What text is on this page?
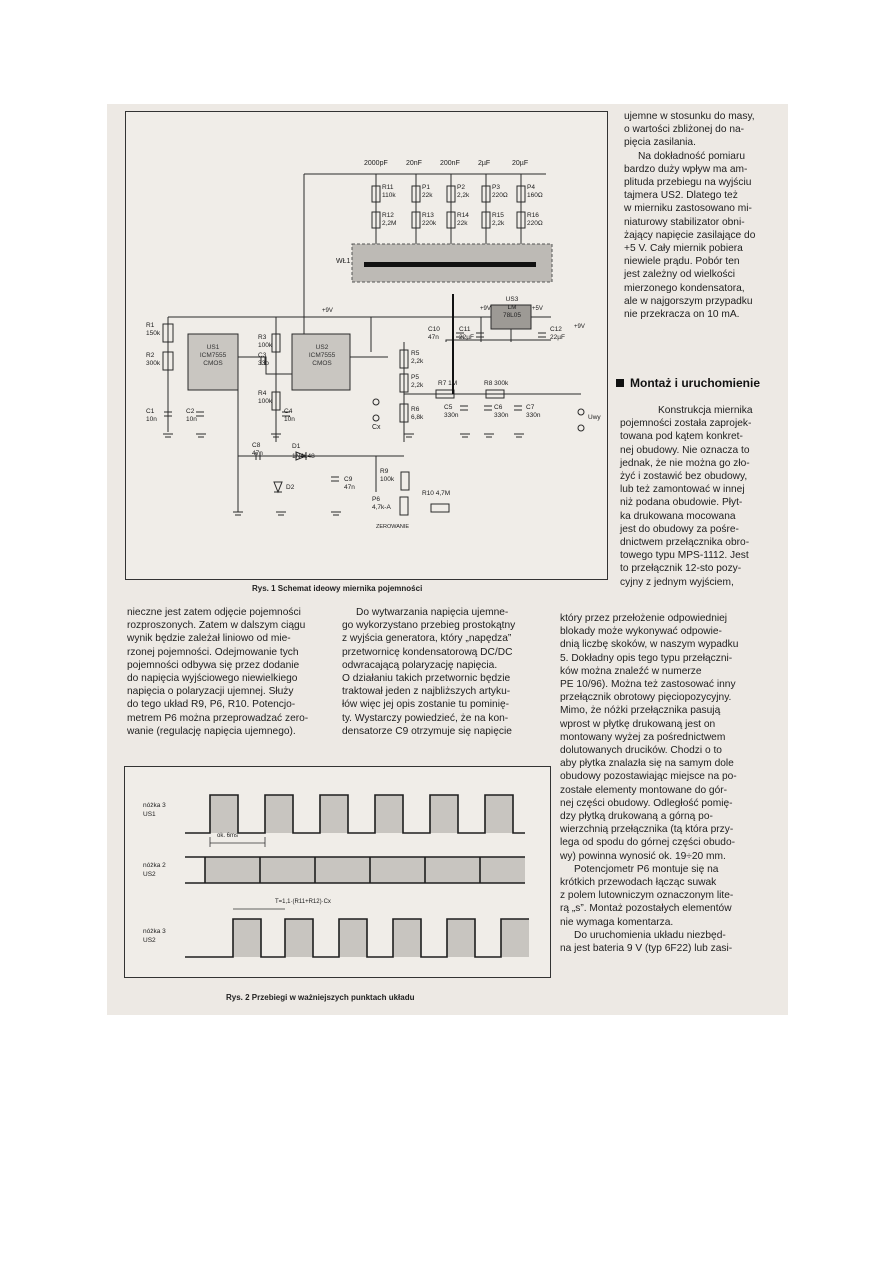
2000pF	20nF	200nF	2µF	20µF
R11
110k
P1
22k
P2
2,2k
P3
220Ω
P4
160Ω
R12
2,2M
R13
220k
R14
22k
R15
2,2k
R16
220Ω
WŁ1
US1
ICM7555
CMOS
US2
ICM7555
CMOS
US3
LM
78L05
R1
150k
R2
300k
C1
10n
C2
10n
R3
100k
C3
33p
R4
100k
C4
10n
R5
2,2k
P5
2,2k
R6
6,8k
Cx
C10
47n
C11
22µF
C12
22µF
+9V	+5V
+9V
+9V
R7 1M
C5
330n
R8 300k
C6
330n
C7
330n	Uwy
C8
47n
D1
1N4148
D2
C9
47n
R9
100k
P6
4,7k-A
R10 4,7M
ZEROWANIE
Rys. 1 Schemat ideowy miernika pojemności
nóżka 3
US1
nóżka 2
US2
nóżka 3
US2
ok. 6ms
T=1,1·(R11+R12)·Cx
Rys. 2 Przebiegi w ważniejszych punktach układu

nieczne jest zatem odjęcie pojemności

rozproszonych. Zatem w dalszym ciągu

wynik będzie zależał liniowo od mie-

rzonej pojemności. Odejmowanie tych

pojemności odbywa się przez dodanie

do napięcia wyjściowego niewielkiego

napięcia o polaryzacji ujemnej. Służy

do tego układ R9, P6, R10. Potencjo-

metrem P6 można przeprowadzać zero-

wanie (regulację napięcia ujemnego).

Do wytwarzania napięcia ujemne-

go wykorzystano przebieg prostokątny

z wyjścia generatora, który „napędza”

przetwornicę kondensatorową DC/DC

odwracającą polaryzację napięcia.

O działaniu takich przetwornic będzie

traktował jeden z najbliższych artyku-

łów więc jej opis zostanie tu pominię-

ty. Wystarczy powiedzieć, że na kon-

densatorze C9 otrzymuje się napięcie

ujemne w stosunku do masy,

o wartości zbliżonej do na-

pięcia zasilania.

Na dokładność pomiaru

bardzo duży wpływ ma am-

plituda przebiegu na wyjściu

tajmera US2. Dlatego też

w mierniku zastosowano mi-

niaturowy stabilizator obni-

żający napięcie zasilające do

+5 V. Cały miernik pobiera

niewiele prądu. Pobór ten

jest zależny od wielkości

mierzonego kondensatora,

ale w najgorszym przypadku

nie przekracza on 10 mA.

Montaż i uruchomienie

Konstrukcja miernika

pojemności została zaprojek-

towana pod kątem konkret-

nej obudowy. Nie oznacza to

jednak, że nie można go zło-

żyć i zostawić bez obudowy,

lub też zamontować w innej

niż podana obudowie. Płyt-

ka drukowana mocowana

jest do obudowy za pośre-

dnictwem przełącznika obro-

towego typu MPS-1112. Jest

to przełącznik 12-sto pozy-

cyjny z jednym wyjściem,

który przez przełożenie odpowiedniej

blokady może wykonywać odpowie-

dnią liczbę skoków, w naszym wypadku

5. Dokładny opis tego typu przełączni-

ków można znaleźć w numerze

PE 10/96). Można też zastosować inny

przełącznik obrotowy pięciopozycyjny.

Mimo, że nóżki przełącznika pasują

wprost w płytkę drukowaną jest on

montowany wyżej za pośrednictwem

dolutowanych drucików. Chodzi o to

aby płytka znalazła się na samym dole

obudowy pozostawiając miejsce na po-

zostałe elementy montowane do gór-

nej części obudowy. Odległość pomię-

dzy płytką drukowaną a górną po-

wierzchnią przełącznika (tą która przy-

lega od spodu do górnej części obudo-

wy) powinna wynosić ok. 19÷20 mm.

Potencjometr P6 montuje się na

krótkich przewodach łącząc suwak

z polem lutowniczym oznaczonym lite-

rą „s”. Montaż pozostałych elementów

nie wymaga komentarza.

Do uruchomienia układu niezbęd-

na jest bateria 9 V (typ 6F22) lub zasi-
